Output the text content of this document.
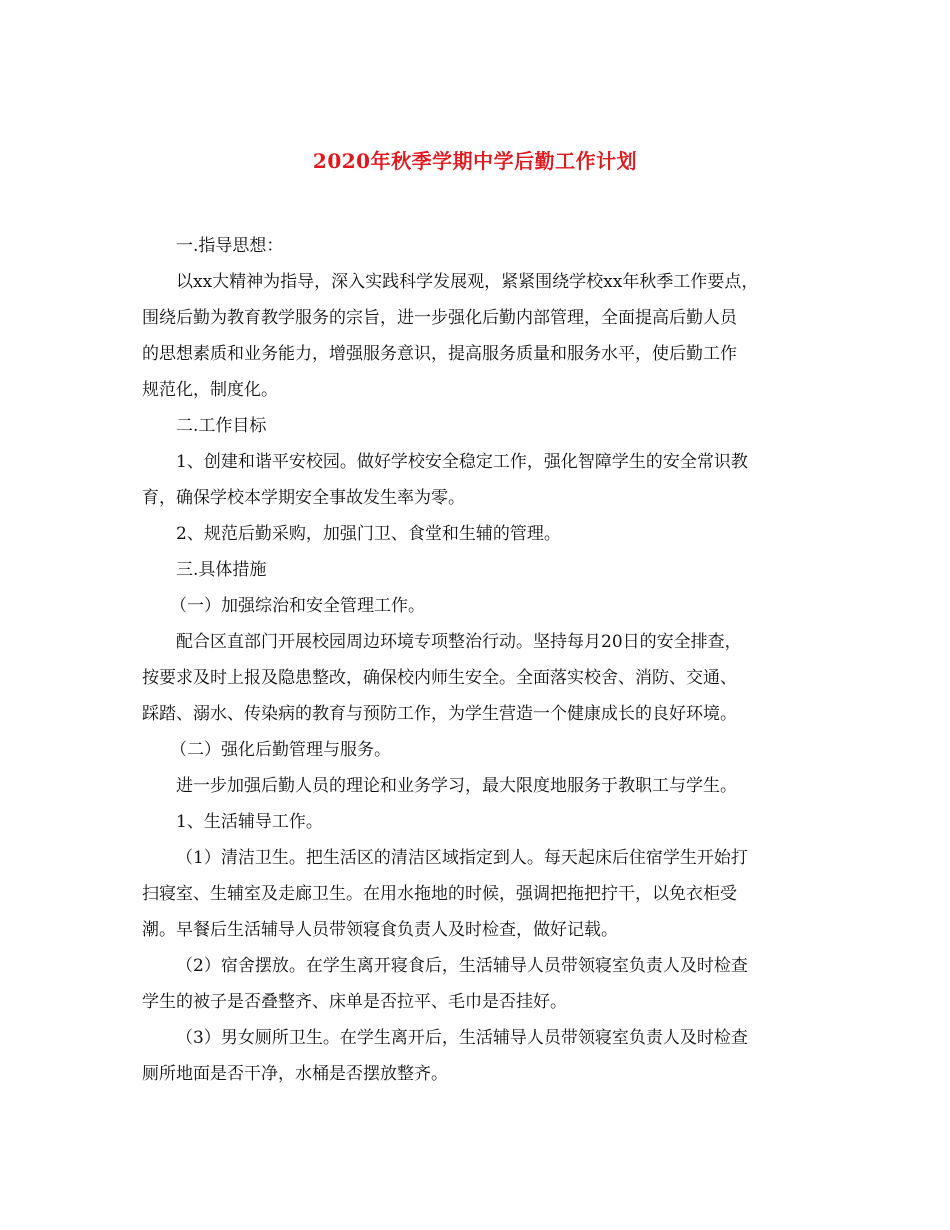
2020年秋季学期中学后勤工作计划

一.指导思想：

以xx大精神为指导，深入实践科学发展观，紧紧围绕学校xx年秋季工作要点，

围绕后勤为教育教学服务的宗旨，进一步强化后勤内部管理，全面提高后勤人员

的思想素质和业务能力，增强服务意识，提高服务质量和服务水平，使后勤工作

规范化，制度化。

二.工作目标

1、创建和谐平安校园。做好学校安全稳定工作，强化智障学生的安全常识教

育，确保学校本学期安全事故发生率为零。

2、规范后勤采购，加强门卫、食堂和生辅的管理。

三.具体措施

（一）加强综治和安全管理工作。

配合区直部门开展校园周边环境专项整治行动。坚持每月20日的安全排查，

按要求及时上报及隐患整改，确保校内师生安全。全面落实校舍、消防、交通、

踩踏、溺水、传染病的教育与预防工作，为学生营造一个健康成长的良好环境。

（二）强化后勤管理与服务。

进一步加强后勤人员的理论和业务学习，最大限度地服务于教职工与学生。

1、生活辅导工作。

（1）清洁卫生。把生活区的清洁区域指定到人。每天起床后住宿学生开始打

扫寝室、生辅室及走廊卫生。在用水拖地的时候，强调把拖把拧干，以免衣柜受

潮。早餐后生活辅导人员带领寝食负责人及时检查，做好记载。

（2）宿舍摆放。在学生离开寝食后，生活辅导人员带领寝室负责人及时检查

学生的被子是否叠整齐、床单是否拉平、毛巾是否挂好。

（3）男女厕所卫生。在学生离开后，生活辅导人员带领寝室负责人及时检查

厕所地面是否干净，水桶是否摆放整齐。
